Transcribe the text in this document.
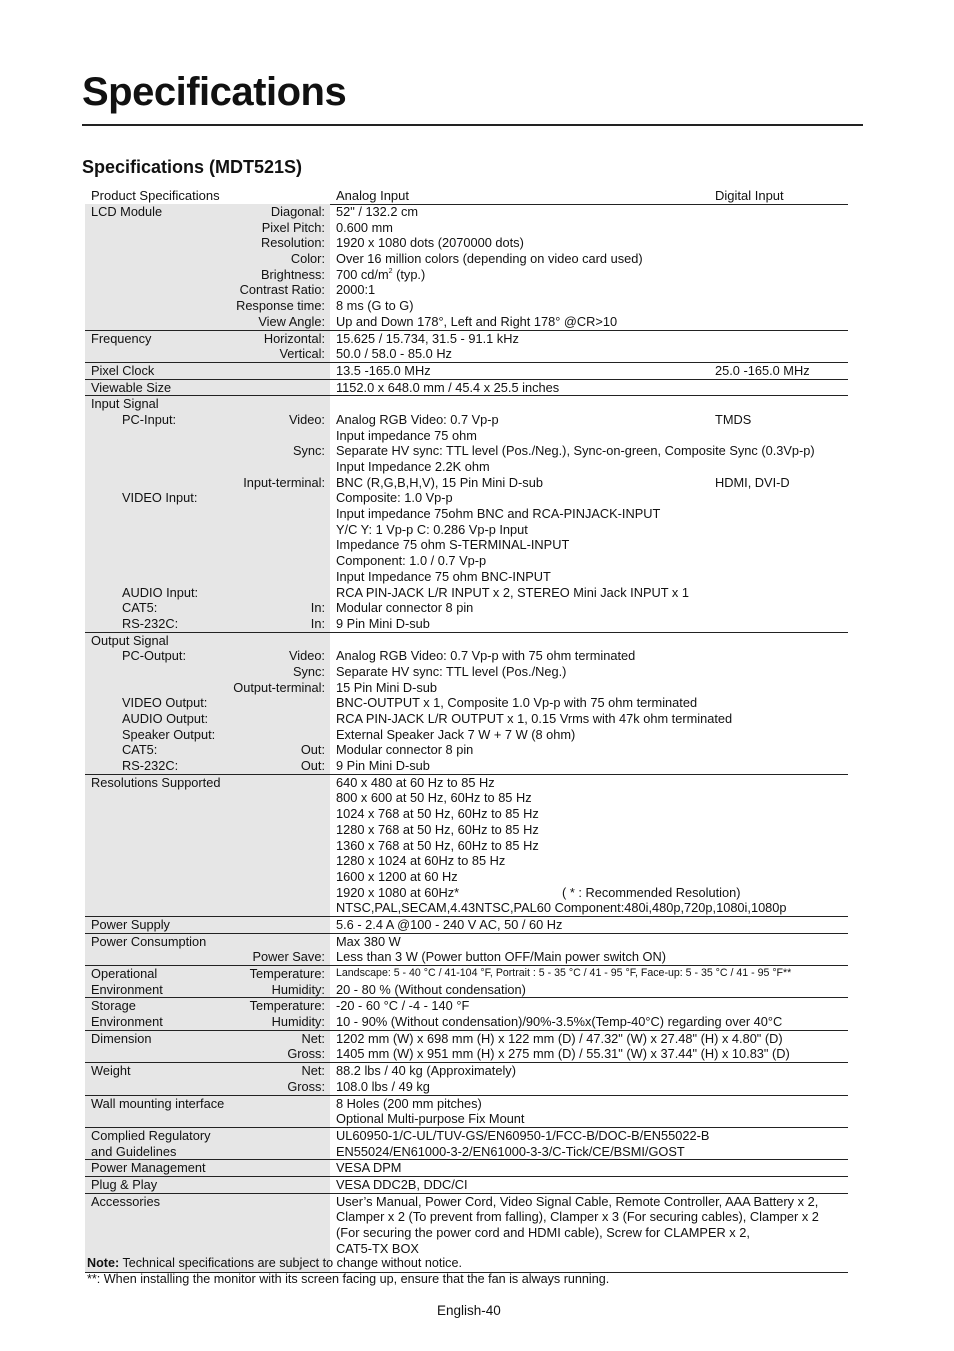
Specifications
Specifications (MDT521S)
Product Specifications	Analog Input	Digital Input
LCD Module	Diagonal: 52" / 132.2 cm
Pixel Pitch: 0.600 mm
Resolution: 1920 x 1080 dots (2070000 dots)
Color: Over 16 million colors (depending on video card used)
Brightness: 700 $cd/m^2$ (typ.)
Contrast Ratio: 2000:1
Response time: 8 ms (G to G)
View Angle: Up and Down 178°, Left and Right 178° @CR>10
Frequency	Horizontal: 15.625 / 15.734, 31.5 - 91.1 kHz
Vertical: 50.0 / 58.0 - 85.0 Hz
Pixel Clock	13.5 -165.0 MHz	25.0 -165.0 MHz
Viewable Size	1152.0 x 648.0 mm / 45.4 x 25.5 inches
Input Signal
PC-Input:	Video: Analog RGB Video: 0.7 Vp-p	TMDS
Input impedance 75 ohm
Sync: Separate HV sync: TTL level (Pos./Neg.), Sync-on-green, Composite Sync (0.3Vp-p)
Input Impedance 2.2K ohm
Input-terminal: BNC (R,G,B,H,V), 15 Pin Mini D-sub	HDMI, DVI-D
VIDEO Input:	Composite: 1.0 Vp-p
Input impedance 75ohm BNC and RCA-PINJACK-INPUT
Y/C Y: 1 Vp-p C: 0.286 Vp-p Input
Impedance 75 ohm S-TERMINAL-INPUT
Component: 1.0 / 0.7 Vp-p
Input Impedance 75 ohm BNC-INPUT
AUDIO Input:	RCA PIN-JACK L/R INPUT x 2, STEREO Mini Jack INPUT x 1
CAT5:	In: Modular connector 8 pin
RS-232C:	In: 9 Pin Mini D-sub
Output Signal
PC-Output:	Video: Analog RGB Video: 0.7 Vp-p with 75 ohm terminated
Sync: Separate HV sync: TTL level (Pos./Neg.)
Output-terminal: 15 Pin Mini D-sub
VIDEO Output:	BNC-OUTPUT x 1, Composite 1.0 Vp-p with 75 ohm terminated
AUDIO Output:	RCA PIN-JACK L/R OUTPUT x 1, 0.15 Vrms with 47k ohm terminated
Speaker Output:	External Speaker Jack 7 W + 7 W (8 ohm)
CAT5:	Out: Modular connector 8 pin
RS-232C:	Out: 9 Pin Mini D-sub
Resolutions Supported	640 x 480 at 60 Hz to 85 Hz
800 x 600 at 50 Hz, 60Hz to 85 Hz
1024 x 768 at 50 Hz, 60Hz to 85 Hz
1280 x 768 at 50 Hz, 60Hz to 85 Hz
1360 x 768 at 50 Hz, 60Hz to 85 Hz
1280 x 1024 at 60Hz to 85 Hz
1600 x 1200 at 60 Hz
1920 x 1080 at 60Hz*	( * : Recommended Resolution)
NTSC,PAL,SECAM,4.43NTSC,PAL60 Component:480i,480p,720p,1080i,1080p
Power Supply	5.6 - 2.4 A @100 - 240 V AC, 50 / 60 Hz
Power Consumption	Max 380 W
Power Save: Less than 3 W (Power button OFF/Main power switch ON)
Operational	Temperature: Landscape: 5 - 40 °C / 41-104 °F, Portrait : 5 - 35 °C / 41 - 95 °F, Face-up: 5 - 35 °C / 41 - 95 °F**
Environment	Humidity: 20 - 80 % (Without condensation)
Storage	Temperature: -20 - 60 °C / -4 - 140 °F
Environment	Humidity: 10 - 90% (Without condensation)/90%-3.5%x(Temp-40°C) regarding over 40°C
Dimension	Net: 1202 mm (W) x 698 mm (H) x 122 mm (D) / 47.32" (W) x 27.48" (H) x 4.80" (D)
Gross: 1405 mm (W) x 951 mm (H) x 275 mm (D) / 55.31" (W) x 37.44" (H) x 10.83" (D)
Weight	Net: 88.2 lbs / 40 kg (Approximately)
Gross: 108.0 lbs / 49 kg
Wall mounting interface	8 Holes (200 mm pitches)
Optional Multi-purpose Fix Mount
Complied Regulatory	UL60950-1/C-UL/TUV-GS/EN60950-1/FCC-B/DOC-B/EN55022-B
and Guidelines	EN55024/EN61000-3-2/EN61000-3-3/C-Tick/CE/BSMI/GOST
Power Management	VESA DPM
Plug & Play	VESA DDC2B, DDC/CI
Accessories	User’s Manual, Power Cord, Video Signal Cable, Remote Controller, AAA Battery x 2,
Clamper x 2 (To prevent from falling), Clamper x 3 (For securing cables), Clamper x 2
(For securing the power cord and HDMI cable), Screw for CLAMPER x 2,
CAT5-TX BOX
Note: Technical specifications are subject to change without notice.
**: When installing the monitor with its screen facing up, ensure that the fan is always running.
English-40
